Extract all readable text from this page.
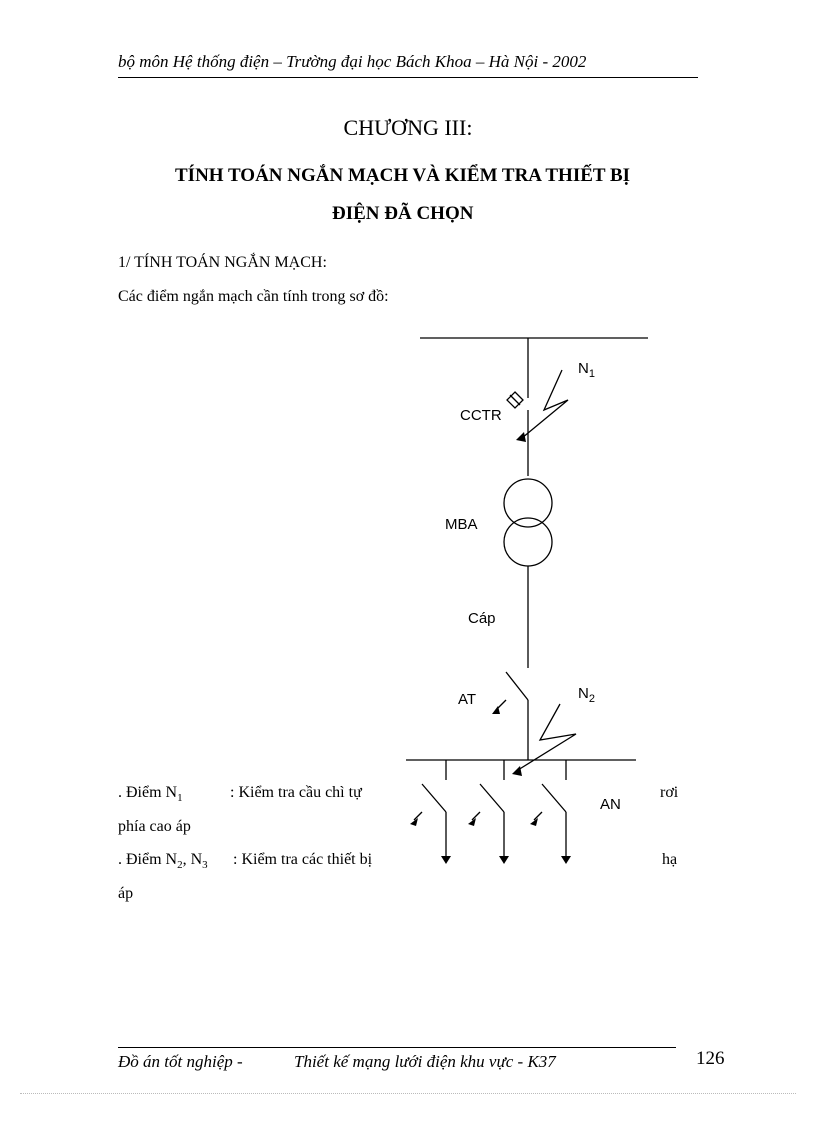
bộ môn Hệ thống điện – Trường đại học Bách Khoa – Hà Nội - 2002
CHƯƠNG III:
TÍNH TOÁN NGẮN MẠCH VÀ KIỂM TRA THIẾT BỊ
ĐIỆN ĐÃ CHỌN
1/ TÍNH TOÁN NGẮN MẠCH:
Các điểm ngắn mạch cần tính trong sơ đồ:
$N_1$
CCTR
MBA
Cáp
AT	$N_2$
AN
. Điểm $N_1$	: Kiểm tra cầu chì tự	rơi
phía cao áp
. Điểm $N_2$, $N_3$ : Kiểm tra các thiết bị	hạ
áp
Đồ án tốt nghiệp -	Thiết kế mạng lưới điện khu vực - K37	126
